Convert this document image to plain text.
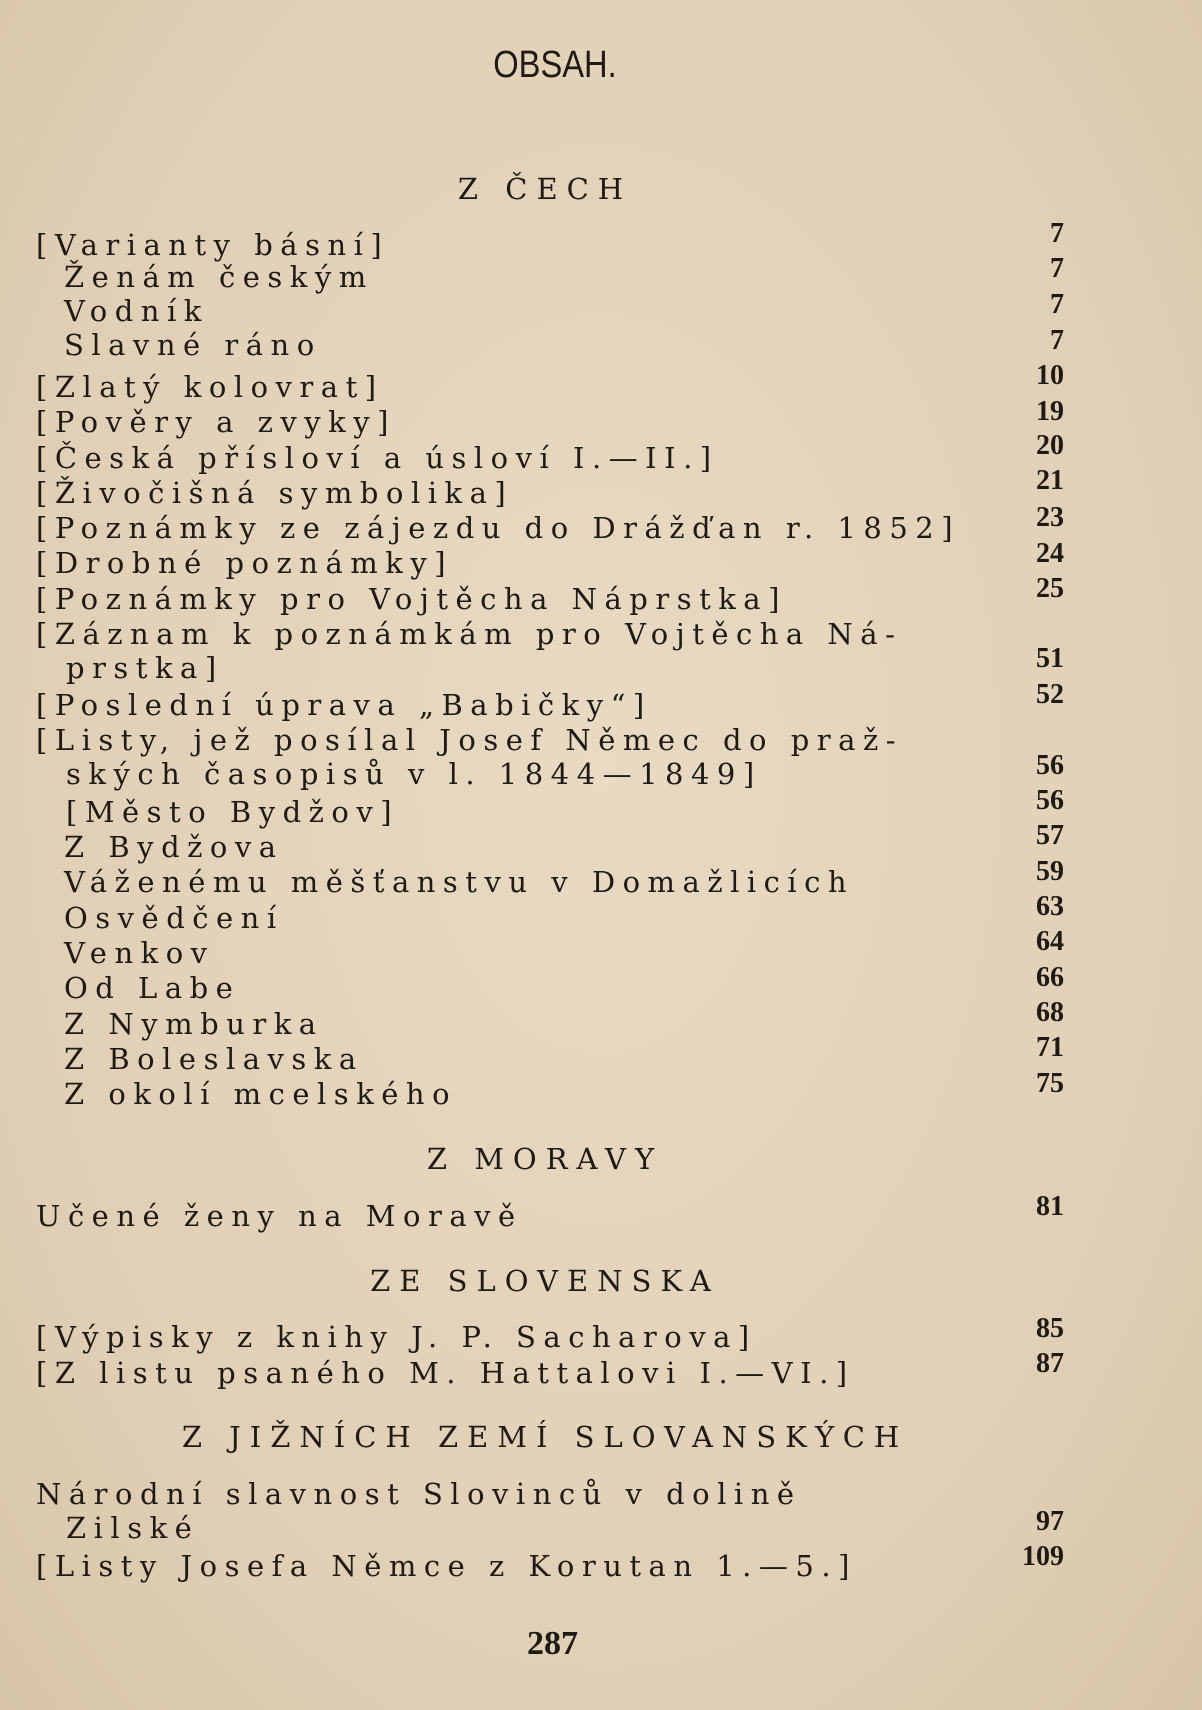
OBSAH.
Z ČECH
[Varianty básní]	7
Ženám českým	7
Vodník	7
Slavné ráno	7
[Zlatý kolovrat]	10
[Pověry a zvyky]	19
[Česká přísloví a úsloví I.—II.]	20
[Živočišná symbolika]	21
[Poznámky ze zájezdu do Drážďan r. 1852]	23
[Drobné poznámky]	24
[Poznámky pro Vojtěcha Náprstka]	25
[Záznam k poznámkám pro Vojtěcha Ná-
prstka]	51
[Poslední úprava „Babičky“]	52
[Listy, jež posílal Josef Němec do praž-
ských časopisů v l. 1844—1849]	56
[Město Bydžov]	56
Z Bydžova	57
Váženému měšťanstvu v Domažlicích	59
Osvědčení	63
Venkov	64
Od Labe	66
Z Nymburka	68
Z Boleslavska	71
Z okolí mcelského	75
Z MORAVY
Učené ženy na Moravě	81
ZE SLOVENSKA
[Výpisky z knihy J. P. Sacharova]	85
[Z listu psaného M. Hattalovi I.—VI.]	87
Z JIŽNÍCH ZEMÍ SLOVANSKÝCH
Národní slavnost Slovinců v dolině
Zilské	97
[Listy Josefa Němce z Korutan 1.—5.]	109
287
